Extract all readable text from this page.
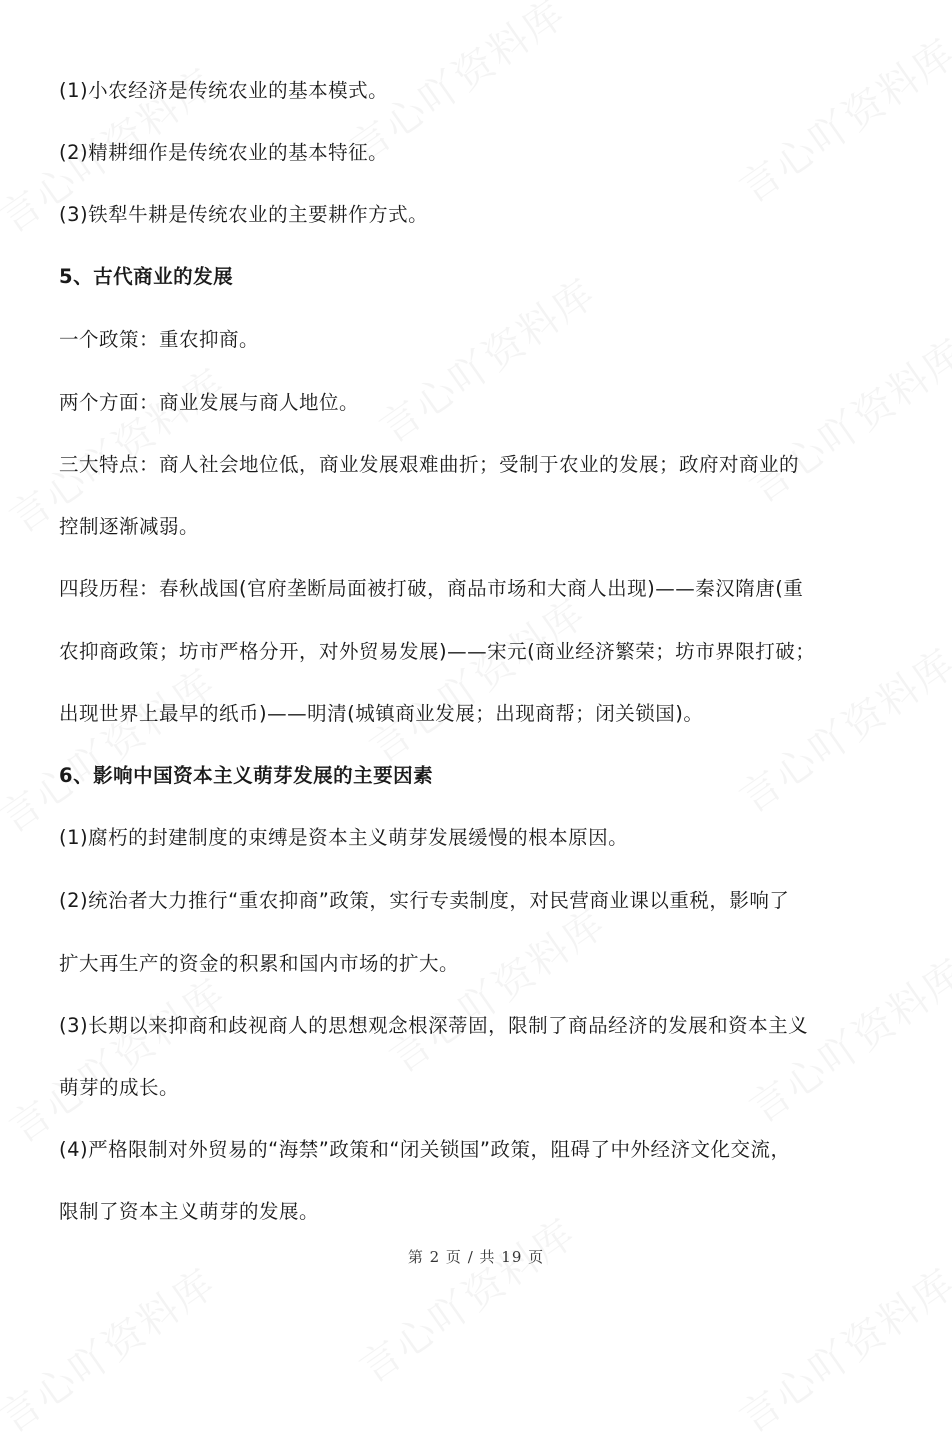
(1)小农经济是传统农业的基本模式。
(2)精耕细作是传统农业的基本特征。
(3)铁犁牛耕是传统农业的主要耕作方式。
5、古代商业的发展
一个政策：重农抑商。
两个方面：商业发展与商人地位。
三大特点：商人社会地位低，商业发展艰难曲折；受制于农业的发展；政府对商业的
控制逐渐减弱。
四段历程：春秋战国(官府垄断局面被打破，商品市场和大商人出现)——秦汉隋唐(重
农抑商政策；坊市严格分开，对外贸易发展)——宋元(商业经济繁荣；坊市界限打破；
出现世界上最早的纸币)——明清(城镇商业发展；出现商帮；闭关锁国)。
6、影响中国资本主义萌芽发展的主要因素
(1)腐朽的封建制度的束缚是资本主义萌芽发展缓慢的根本原因。
(2)统治者大力推行“重农抑商”政策，实行专卖制度，对民营商业课以重税，影响了
扩大再生产的资金的积累和国内市场的扩大。
(3)长期以来抑商和歧视商人的思想观念根深蒂固，限制了商品经济的发展和资本主义
萌芽的成长。
(4)严格限制对外贸易的“海禁”政策和“闭关锁国”政策，阻碍了中外经济文化交流，
限制了资本主义萌芽的发展。
第 2 页 / 共 19 页
